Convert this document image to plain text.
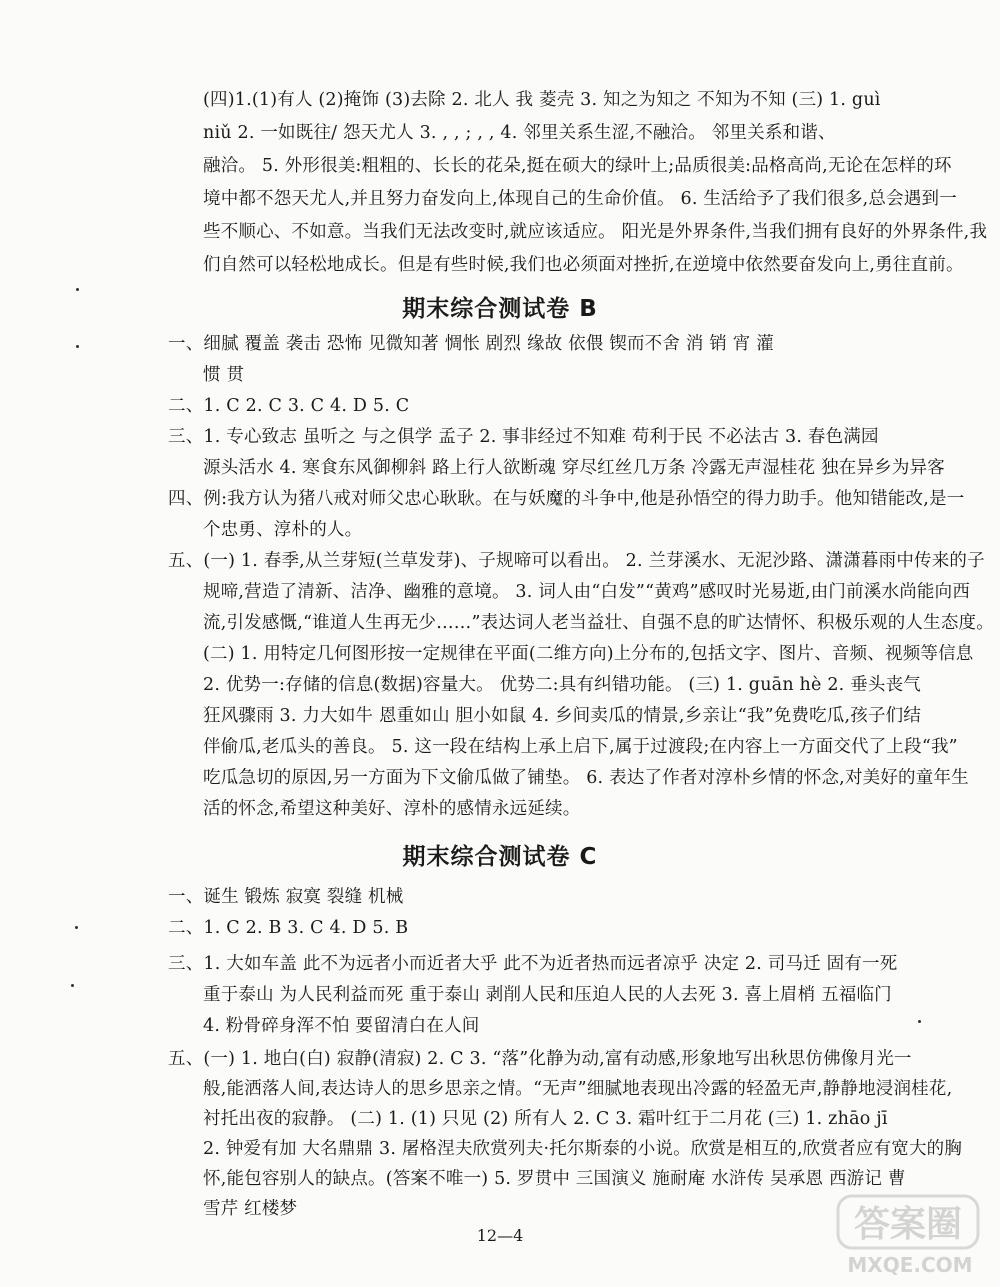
(四)1.(1)有人 (2)掩饰 (3)去除 2. 北人 我 菱壳 3. 知之为知之 不知为不知 (三) 1. guì
niǔ 2. 一如既往/ 怨天尤人 3. , , ; , , 4. 邻里关系生涩,不融洽。 邻里关系和谐、
融洽。 5. 外形很美:粗粗的、长长的花朵,挺在硕大的绿叶上;品质很美:品格高尚,无论在怎样的环
境中都不怨天尤人,并且努力奋发向上,体现自己的生命价值。 6. 生活给予了我们很多,总会遇到一
些不顺心、不如意。当我们无法改变时,就应该适应。 阳光是外界条件,当我们拥有良好的外界条件,我
们自然可以轻松地成长。但是有些时候,我们也必须面对挫折,在逆境中依然要奋发向上,勇往直前。
期末综合测试卷 B
一、细腻 覆盖 袭击 恐怖 见微知著 惆怅 剧烈 缘故 依偎 锲而不舍 消 销 宵 灌
惯 贯
二、1. C 2. C 3. C 4. D 5. C
三、1. 专心致志 虽听之 与之俱学 孟子 2. 事非经过不知难 苟利于民 不必法古 3. 春色满园
源头活水 4. 寒食东风御柳斜 路上行人欲断魂 穿尽红丝几万条 冷露无声湿桂花 独在异乡为异客
四、例:我方认为猪八戒对师父忠心耿耿。在与妖魔的斗争中,他是孙悟空的得力助手。他知错能改,是一
个忠勇、淳朴的人。
五、(一) 1. 春季,从兰芽短(兰草发芽)、子规啼可以看出。 2. 兰芽溪水、无泥沙路、潇潇暮雨中传来的子
规啼,营造了清新、洁净、幽雅的意境。 3. 词人由“白发”“黄鸡”感叹时光易逝,由门前溪水尚能向西
流,引发感慨,“谁道人生再无少……”表达词人老当益壮、自强不息的旷达情怀、积极乐观的人生态度。
(二) 1. 用特定几何图形按一定规律在平面(二维方向)上分布的,包括文字、图片、音频、视频等信息
2. 优势一:存储的信息(数据)容量大。 优势二:具有纠错功能。 (三) 1. guān hè 2. 垂头丧气
狂风骤雨 3. 力大如牛 恩重如山 胆小如鼠 4. 乡间卖瓜的情景,乡亲让“我”免费吃瓜,孩子们结
伴偷瓜,老瓜头的善良。 5. 这一段在结构上承上启下,属于过渡段;在内容上一方面交代了上段“我”
吃瓜急切的原因,另一方面为下文偷瓜做了铺垫。 6. 表达了作者对淳朴乡情的怀念,对美好的童年生
活的怀念,希望这种美好、淳朴的感情永远延续。
期末综合测试卷 C
一、诞生 锻炼 寂寞 裂缝 机械
二、1. C 2. B 3. C 4. D 5. B
三、1. 大如车盖 此不为远者小而近者大乎 此不为近者热而远者凉乎 决定 2. 司马迁 固有一死
重于泰山 为人民利益而死 重于泰山 剥削人民和压迫人民的人去死 3. 喜上眉梢 五福临门
4. 粉骨碎身浑不怕 要留清白在人间
五、(一) 1. 地白(白) 寂静(清寂) 2. C 3. “落”化静为动,富有动感,形象地写出秋思仿佛像月光一
般,能洒落人间,表达诗人的思乡思亲之情。“无声”细腻地表现出冷露的轻盈无声,静静地浸润桂花,
衬托出夜的寂静。 (二) 1. (1) 只见 (2) 所有人 2. C 3. 霜叶红于二月花 (三) 1. zhāo jī
2. 钟爱有加 大名鼎鼎 3. 屠格涅夫欣赏列夫·托尔斯泰的小说。欣赏是相互的,欣赏者应有宽大的胸
怀,能包容别人的缺点。(答案不唯一) 5. 罗贯中 三国演义 施耐庵 水浒传 吴承恩 西游记 曹
雪芹 红楼梦
12—4	答案圈
MXQE.COM
